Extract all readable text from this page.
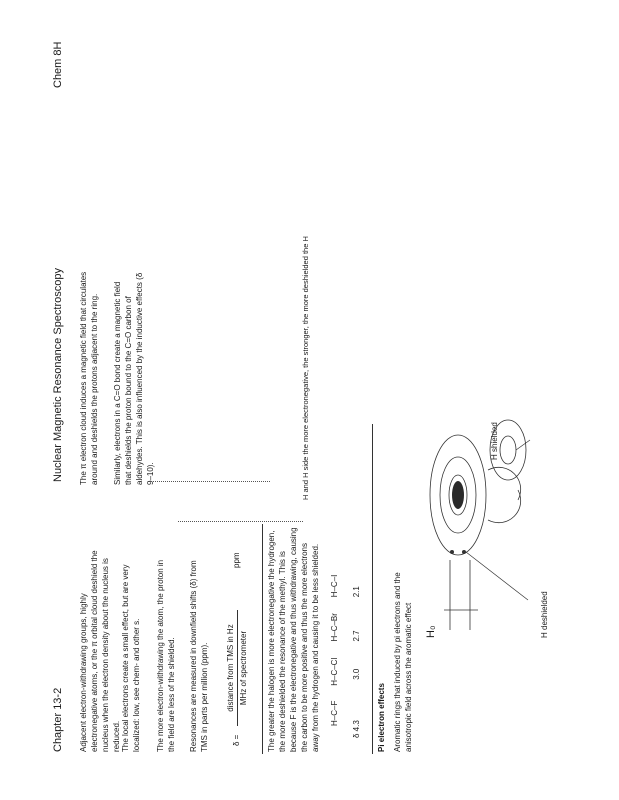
Chapter 13-2
Nuclear Magnetic Resonance Spectroscopy
Chem 8H
Adjacent electron-withdrawing groups, highly electronegative atoms, or the π orbital cloud deshield the nucleus when the electron density about the nucleus is reduced. The local electrons create a small effect, but are very localized: low, see chem- and other s. The more electron-withdrawing the atom, the proton in the field are less of the shielded. Resonances are measured in downfield shifts (δ) from TMS in parts per million (ppm).	δ =
distance from TMS in Hz MHz of spectrometer
ppm	The greater the halogen is more electronegative the hydrogen, the more deshielded the resonance of the methyl. This is because F is the electronegative and thus withdrawing, causing the carbon to be more positive and thus the more electrons away from the hydrogen and causing it to be less shielded. H–C–F H–C–Cl H–C–Br H–C–I
δ 4.3 3.0 2.7 2.1
Pi electron effects Aromatic rings that induced by pi electrons and the anisotropic field across the aromatic effect H₀	H deshielded
H shielded
The π electron cloud induces a magnetic field that circulates around and deshields the protons adjacent to the ring. Similarly, electrons in a C=O bond create a magnetic field that deshields the proton bound to the C=O carbon of aldehydes. This is also influenced by the inductive effects (δ 9–10).	H and H side the more electronegative, the stronger, the more deshielded the H
